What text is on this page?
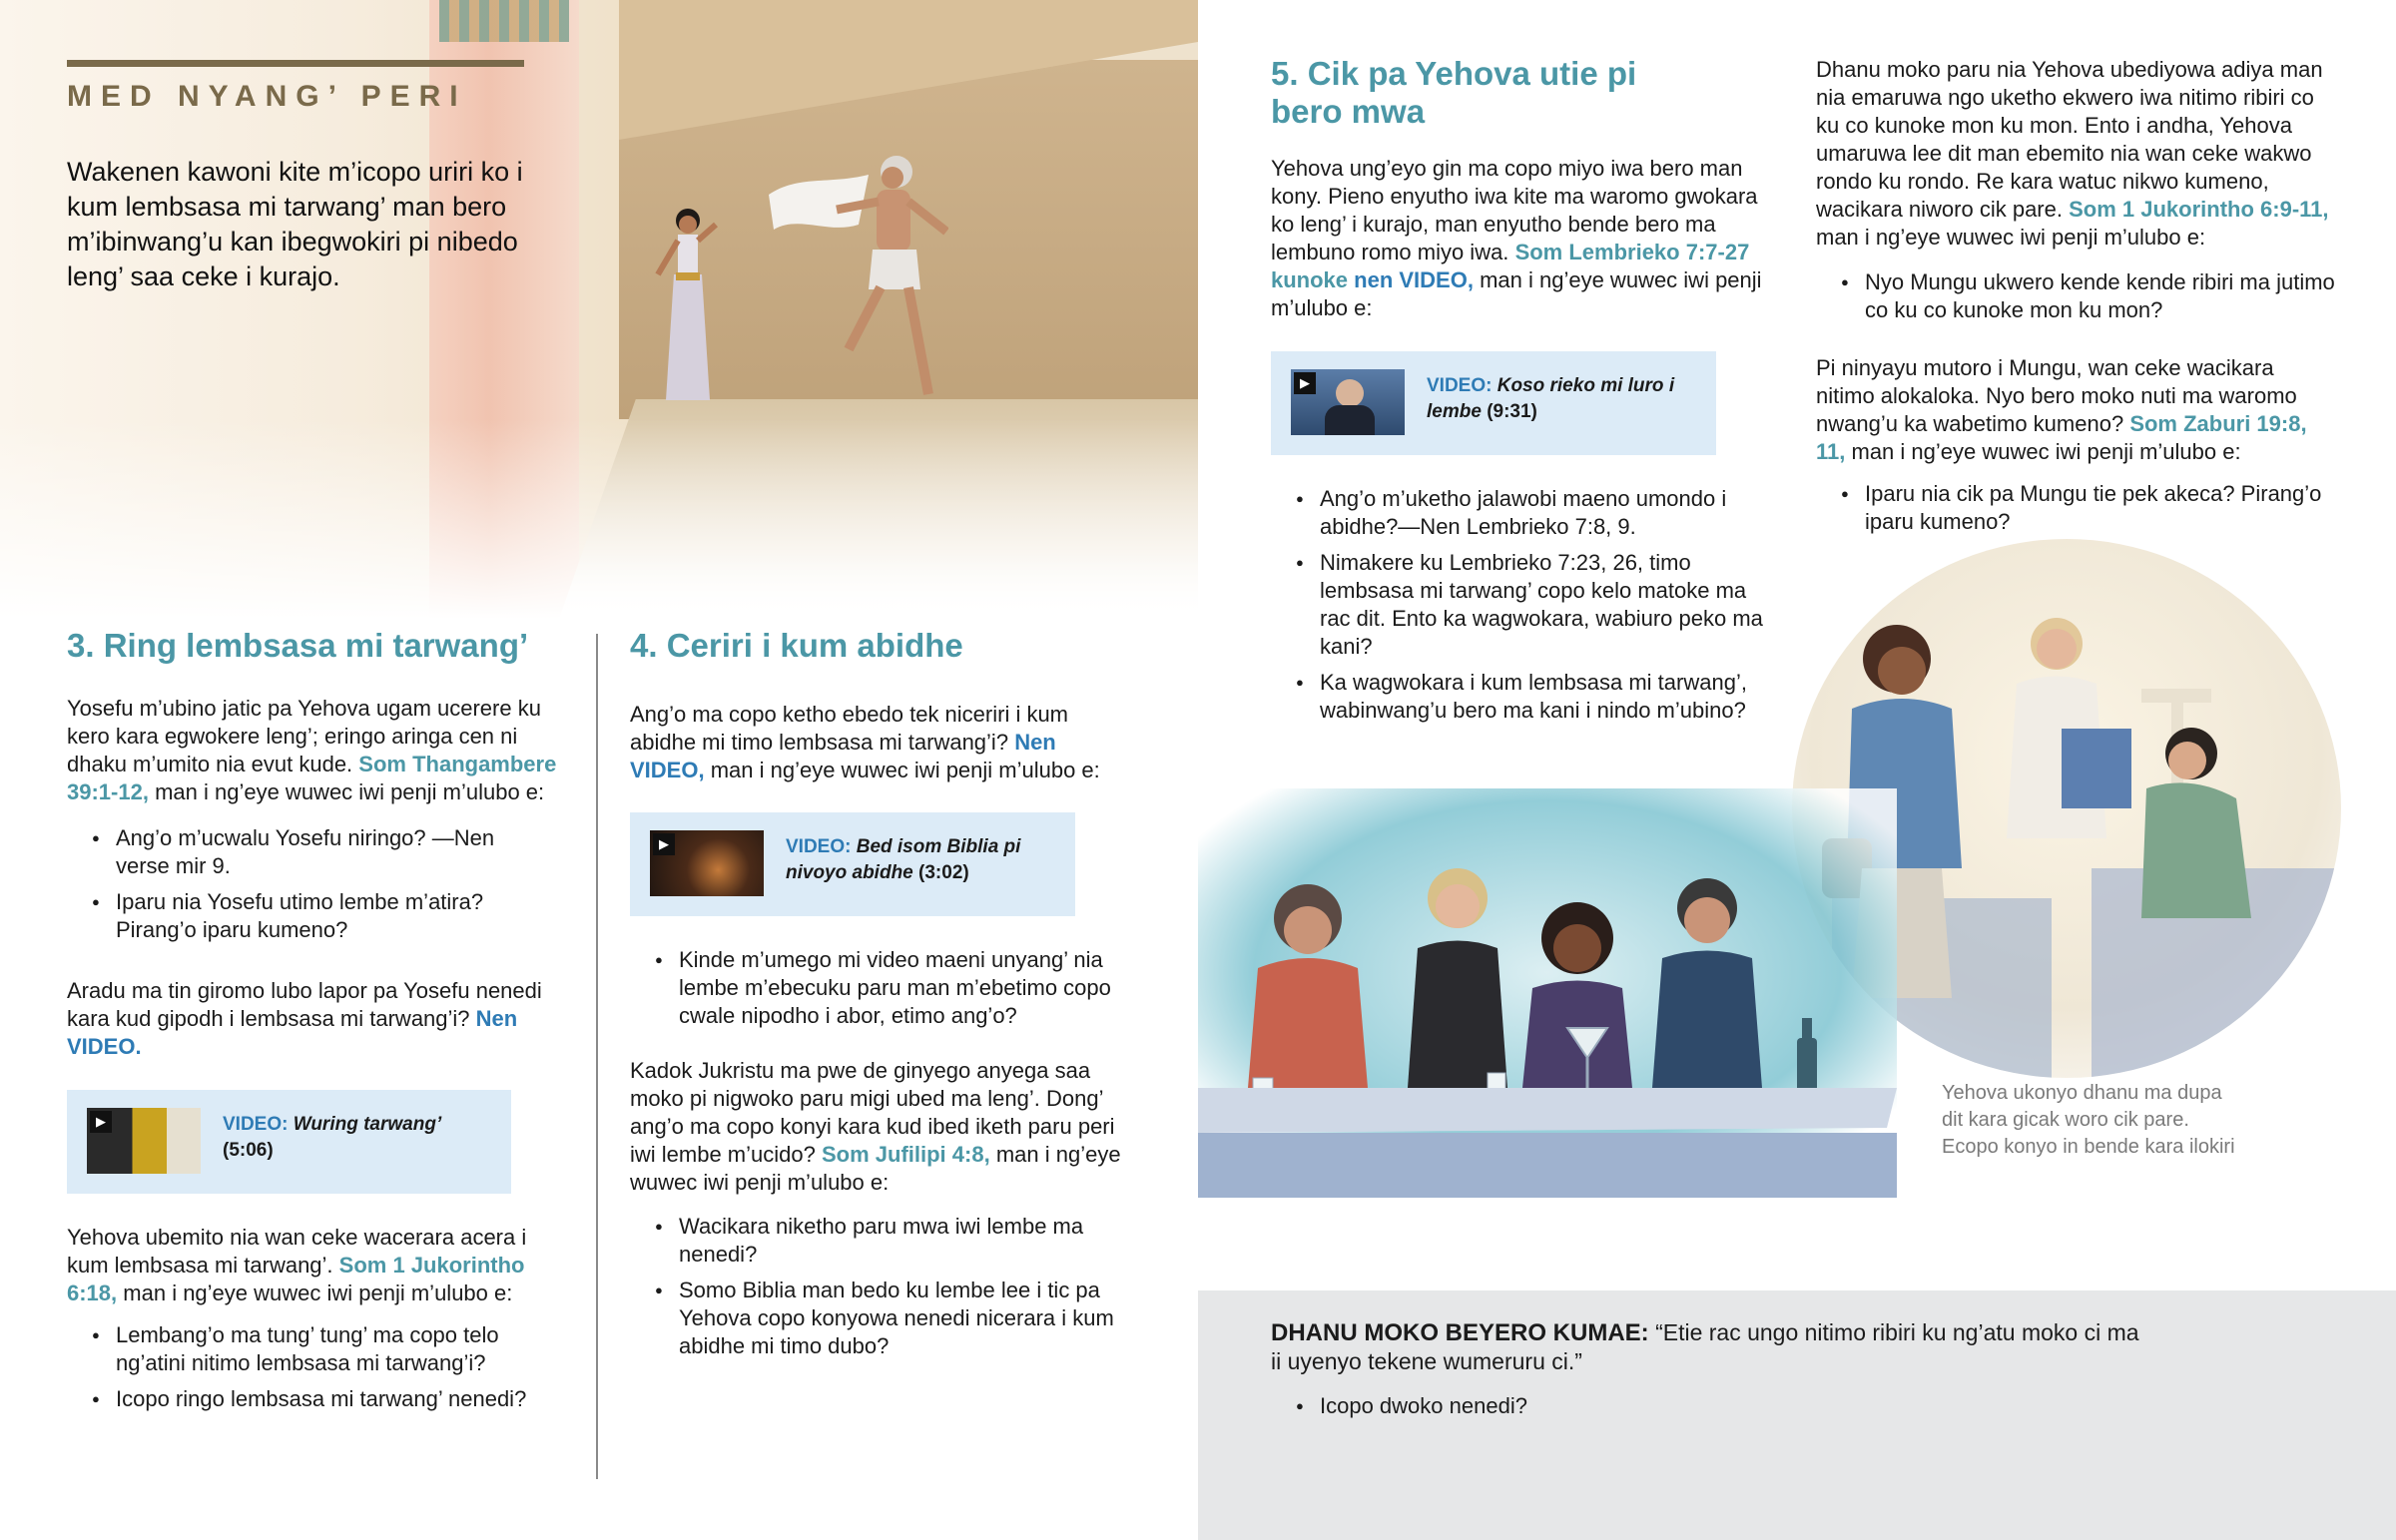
MED NYANG’ PERI
Wakenen kawoni kite m’icopo uriri ko i kum lembsasa mi tarwang’ man bero m’ibinwang’u kan ibegwokiri pi nibedo leng’ saa ceke i kurajo.
3. Ring lembsasa mi tarwang’
Yosefu m’ubino jatic pa Yehova ugam ucerere ku kero kara egwokere leng’; eringo aringa cen ni dhaku m’umito nia evut kude. Som Thangambere 39:1-12, man i ng’eye wuwec iwi penji m’ulubo e:
● Ang’o m’ucwalu Yosefu niringo? —Nen verse mir 9.
● Iparu nia Yosefu utimo lembe m’atira? Pirang’o iparu kumeno?
Aradu ma tin giromo lubo lapor pa Yosefu nenedi kara kud gipodh i lembsasa mi tarwang’i? Nen VIDEO.
▶	VIDEO: Wuring tarwang’
(5:06)
Yehova ubemito nia wan ceke wacerara acera i kum lembsasa mi tarwang’. Som 1 Jukorintho 6:18, man i ng’eye wuwec iwi penji m’ulubo e:
● Lembang’o ma tung’ tung’ ma copo telo ng’atini nitimo lembsasa mi tarwang’i?
● Icopo ringo lembsasa mi tarwang’ nenedi?
4. Ceriri i kum abidhe
Ang’o ma copo ketho ebedo tek niceriri i kum abidhe mi timo lembsasa mi tarwang’i? Nen VIDEO, man i ng’eye wuwec iwi penji m’ulubo e:
▶	VIDEO: Bed isom Biblia pi nivoyo abidhe (3:02)
● Kinde m’umego mi video maeni unyang’ nia lembe m’ebecuku paru man m’ebetimo copo cwale nipodho i abor, etimo ang’o?
Kadok Jukristu ma pwe de ginyego anyega saa moko pi nigwoko paru migi ubed ma leng’. Dong’ ang’o ma copo konyi kara kud ibed iketh paru peri iwi lembe m’ucido? Som Jufilipi 4:8, man i ng’eye wuwec iwi penji m’ulubo e:
● Wacikara niketho paru mwa iwi lembe ma nenedi?
● Somo Biblia man bedo ku lembe lee i tic pa Yehova copo konyowa nenedi nicerara i kum abidhe mi timo dubo?
5. Cik pa Yehova utie pi bero mwa
Yehova ung’eyo gin ma copo miyo iwa bero man kony. Pieno enyutho iwa kite ma waromo gwokara ko leng’ i kurajo, man enyutho bende bero ma lembuno romo miyo iwa. Som Lembrieko 7:7-27 kunoke nen VIDEO, man i ng’eye wuwec iwi penji m’ulubo e:
▶	VIDEO: Koso rieko mi luro i lembe (9:31)
● Ang’o m’uketho jalawobi maeno umondo i abidhe?—Nen Lembrieko 7:8, 9.
● Nimakere ku Lembrieko 7:23, 26, timo lembsasa mi tarwang’ copo kelo matoke ma rac dit. Ento ka wagwokara, wabiuro peko ma kani?
● Ka wagwokara i kum lembsasa mi tarwang’, wabinwang’u bero ma kani i nindo m’ubino?
Dhanu moko paru nia Yehova ubediyowa adiya man nia emaruwa ngo uketho ekwero iwa nitimo ribiri co ku co kunoke mon ku mon. Ento i andha, Yehova umaruwa lee dit man ebemito nia wan ceke wakwo rondo ku rondo. Re kara watuc nikwo kumeno, wacikara niworo cik pare. Som 1 Jukorintho 6:9-11, man i ng’eye wuwec iwi penji m’ulubo e:
● Nyo Mungu ukwero kende kende ribiri ma jutimo co ku co kunoke mon ku mon?
Pi ninyayu mutoro i Mungu, wan ceke wacikara nitimo alokaloka. Nyo bero moko nuti ma waromo nwang’u ka wabetimo kumeno? Som Zaburi 19:8, 11, man i ng’eye wuwec iwi penji m’ulubo e:
● Iparu nia cik pa Mungu tie pek akeca? Pirang’o iparu kumeno?
Yehova ukonyo dhanu ma dupa dit kara gicak woro cik pare. Ecopo konyo in bende kara ilokiri
DHANU MOKO BEYERO KUMAE: “Etie rac ungo nitimo ribiri ku ng’atu moko ci ma ii uyenyo tekene wumeruru ci.”
● Icopo dwoko nenedi?
